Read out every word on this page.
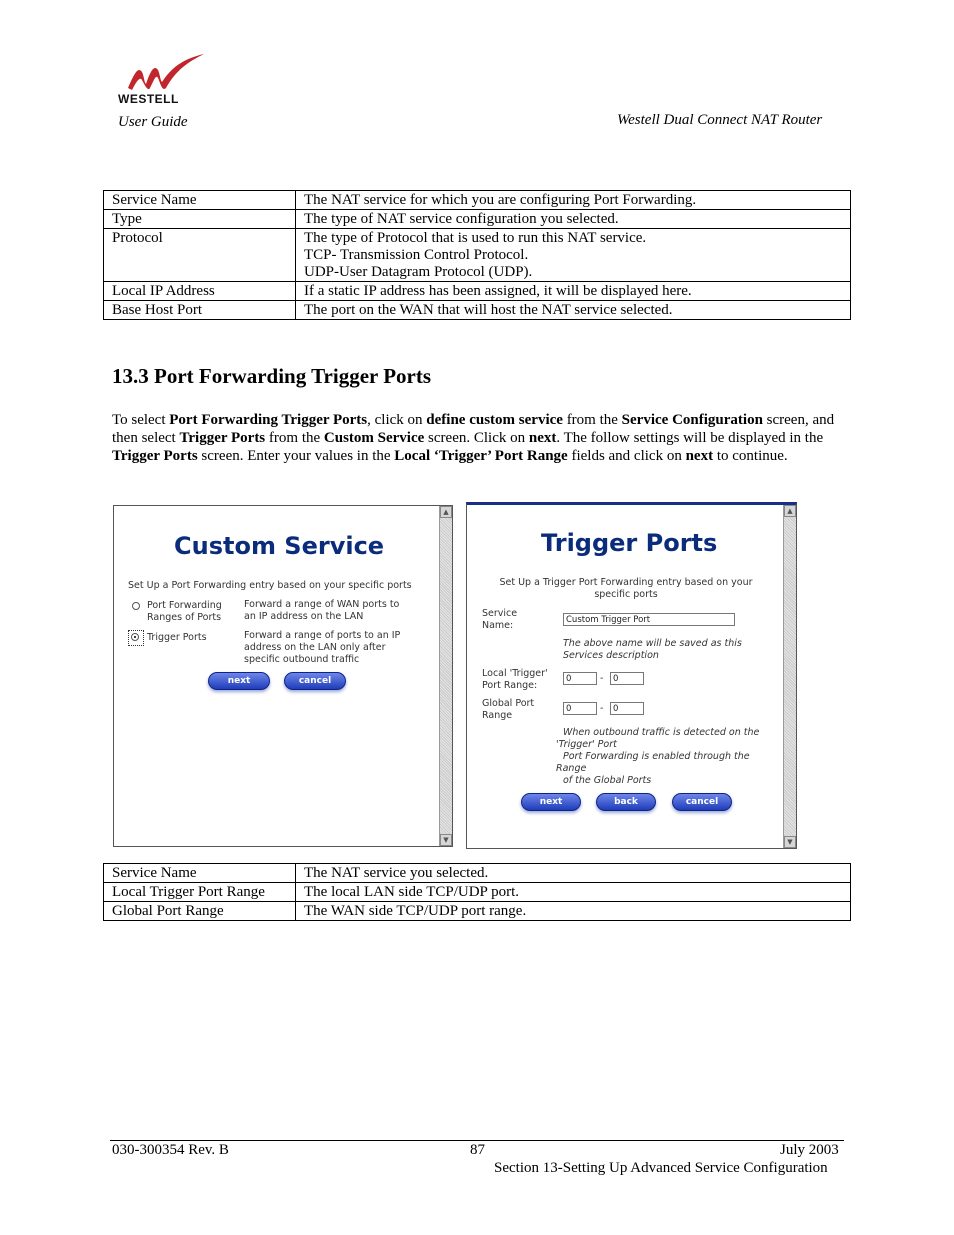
WESTELL
User Guide	Westell Dual Connect NAT Router
Service Name	The NAT service for which you are configuring Port Forwarding.
Type	The type of NAT service configuration you selected.
Protocol	The type of Protocol that is used to run this NAT service.
TCP- Transmission Control Protocol.
UDP-User Datagram Protocol (UDP).

Local IP Address	If a static IP address has been assigned, it will be displayed here.
Base Host Port	The port on the WAN that will host the NAT service selected.
13.3 Port Forwarding Trigger Ports
To select Port Forwarding Trigger Ports, click on define custom service from the Service Configuration screen, and then select Trigger Ports from the Custom Service screen. Click on next. The follow settings will be displayed in the Trigger Ports screen. Enter your values in the Local ‘Trigger’ Port Range fields and click on next to continue.
▲
▼
Custom Service
Set Up a Port Forwarding entry based on your specific ports
Port Forwarding
Ranges of Ports
Forward a range of WAN ports to
an IP address on the LAN
Trigger Ports	Forward a range of ports to an IP
address on the LAN only after
specific outbound traffic
next	cancel
▲
▼
Trigger Ports
Set Up a Trigger Port Forwarding entry based on your
specific ports
Service
Name:	Custom Trigger Port
The above name will be saved as this
Services description
Local 'Trigger'
Port Range:
0	-	0
Global Port
Range
0	-	0
When outbound traffic is detected on the
'Trigger' Port
Port Forwarding is enabled through the
Range
of the Global Ports
next	back	cancel
Service Name	The NAT service you selected.
Local Trigger Port Range	The local LAN side TCP/UDP port.
Global Port Range	The WAN side TCP/UDP port range.
030-300354 Rev. B	87	July 2003
Section 13-Setting Up Advanced Service Configuration
